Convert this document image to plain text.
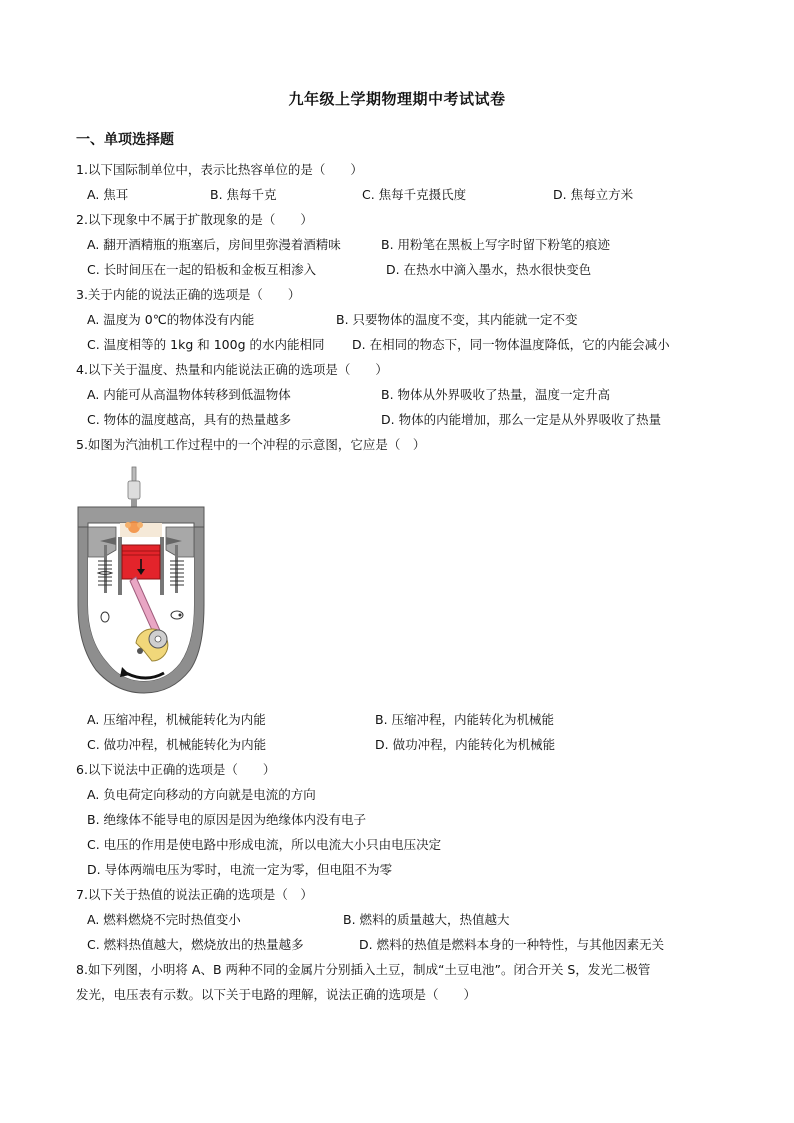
九年级上学期物理期中考试试卷
一、单项选择题
1.以下国际制单位中，表示比热容单位的是（　　）
A. 焦耳	B. 焦每千克	C. 焦每千克摄氏度	D. 焦每立方米
2.以下现象中不属于扩散现象的是（　　）
A. 翻开酒精瓶的瓶塞后，房间里弥漫着酒精味	B. 用粉笔在黑板上写字时留下粉笔的痕迹
C. 长时间压在一起的铅板和金板互相渗入	D. 在热水中滴入墨水，热水很快变色
3.关于内能的说法正确的选项是（　　）
A. 温度为 0℃的物体没有内能	B. 只要物体的温度不变，其内能就一定不变
C. 温度相等的 1kg 和 100g 的水内能相同 D. 在相同的物态下，同一物体温度降低，它的内能会减小
4.以下关于温度、热量和内能说法正确的选项是（　　）
A. 内能可从高温物体转移到低温物体	B. 物体从外界吸收了热量，温度一定升高
C. 物体的温度越高，具有的热量越多	D. 物体的内能增加，那么一定是从外界吸收了热量
5.如图为汽油机工作过程中的一个冲程的示意图，它应是（　）
A. 压缩冲程，机械能转化为内能	B. 压缩冲程，内能转化为机械能
C. 做功冲程，机械能转化为内能	D. 做功冲程，内能转化为机械能
6.以下说法中正确的选项是（　　）
A. 负电荷定向移动的方向就是电流的方向
B. 绝缘体不能导电的原因是因为绝缘体内没有电子
C. 电压的作用是使电路中形成电流，所以电流大小只由电压决定
D. 导体两端电压为零时，电流一定为零，但电阻不为零
7.以下关于热值的说法正确的选项是（　）
A. 燃料燃烧不完时热值变小	B. 燃料的质量越大，热值越大
C. 燃料热值越大，燃烧放出的热量越多	D. 燃料的热值是燃料本身的一种特性，与其他因素无关
8.如下列图，小明将 A、B 两种不同的金属片分别插入土豆，制成“土豆电池”。闭合开关 S，发光二极管
发光，电压表有示数。以下关于电路的理解，说法正确的选项是（　　）
